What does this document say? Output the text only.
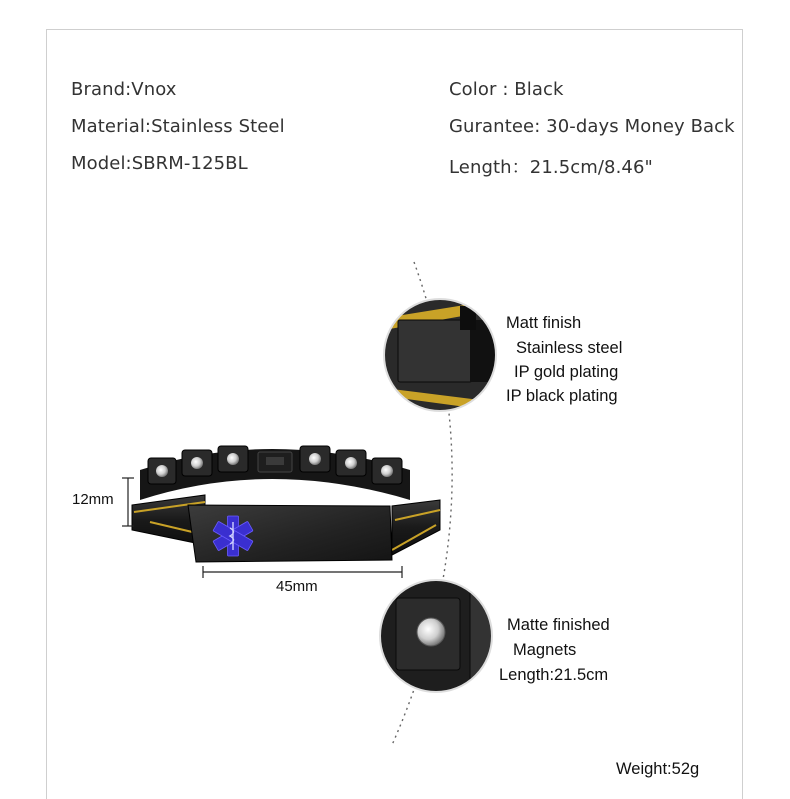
Brand:Vnox
Material:Stainless Steel
Model:SBRM-125BL
Color : Black
Gurantee: 30-days Money Back
Length：21.5cm/8.46"
12mm
45mm
Matt finish
Stainless steel
IP gold plating
IP black plating
Matte finished
Magnets
Length:21.5cm
Weight:52g
